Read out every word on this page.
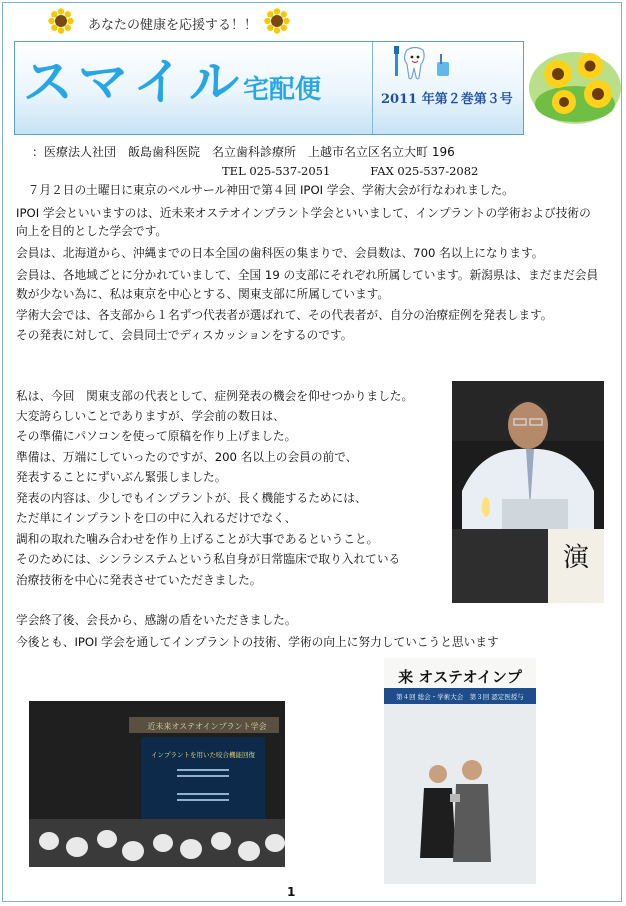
あなたの健康を応援する！！
スマイル
宅配便	2011 年第２巻第３号
：医療法人社団　飯島歯科医院　名立歯科診療所　上越市名立区名立大町 196
TEL 025-537-2051	FAX 025-537-2082

　７月２日の土曜日に東京のベルサール神田で第４回 IPOI 学会、学術大会が行なわれました。

IPOI 学会といいますのは、近未来オステオインプラント学会といいまして、インプラントの学術および技術の

向上を目的とした学会です。

会員は、北海道から、沖縄までの日本全国の歯科医の集まりで、会員数は、700 名以上になります。

会員は、各地域ごとに分かれていまして、全国 19 の支部にそれぞれ所属しています。新潟県は、まだまだ会員

数が少ない為に、私は東京を中心とする、関東支部に所属しています。

学術大会では、各支部から１名ずつ代表者が選ばれて、その代表者が、自分の治療症例を発表します。

その発表に対して、会員同士でディスカッションをするのです。

私は、今回　関東支部の代表として、症例発表の機会を仰せつかりました。

大変誇らしいことでありますが、学会前の数日は、

その準備にパソコンを使って原稿を作り上げました。

準備は、万端にしていったのですが、200 名以上の会員の前で、

発表することにずいぶん緊張しました。

発表の内容は、少しでもインプラントが、長く機能するためには、

ただ単にインプラントを口の中に入れるだけでなく、

調和の取れた噛み合わせを作り上げることが大事であるということ。

そのためには、シンラシステムという私自身が日常臨床で取り入れている

治療技術を中心に発表させていただきました。

学会終了後、会長から、感謝の盾をいただきました。

今後とも、IPOI 学会を通してインプラントの技術、学術の向上に努力していこうと思います

演
近未来オステオインプラント学会
インプラントを用いた咬合機能回復
来 オステオインプ
第４回 総会・学術大会　第３回 認定医授与
1
